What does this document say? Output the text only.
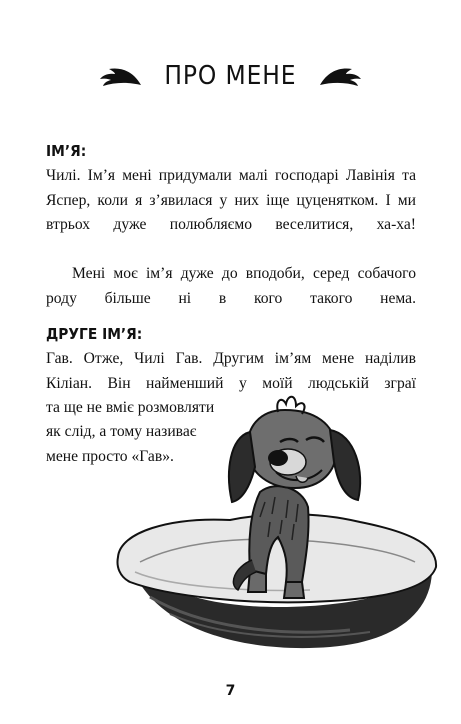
ПРО МЕНЕ
ІМ’Я:

Чилі. Ім’я мені придумали малі господарі Лавінія та Яспер, коли я з’явилася у них іще цуценятком. І ми втрьох дуже полюбляємо веселитися, ха-ха!

Мені моє ім’я дуже до вподоби, серед собачого роду більше ні в кого такого нема.

ДРУГЕ ІМ’Я:

Гав. Отже, Чилі Гав. Другим ім’ям мене наділив Кіліан. Він найменший у моїй людській зграї

та ще не вміє розмовляти
як слід, а тому називає
мене просто «Гав».
7
